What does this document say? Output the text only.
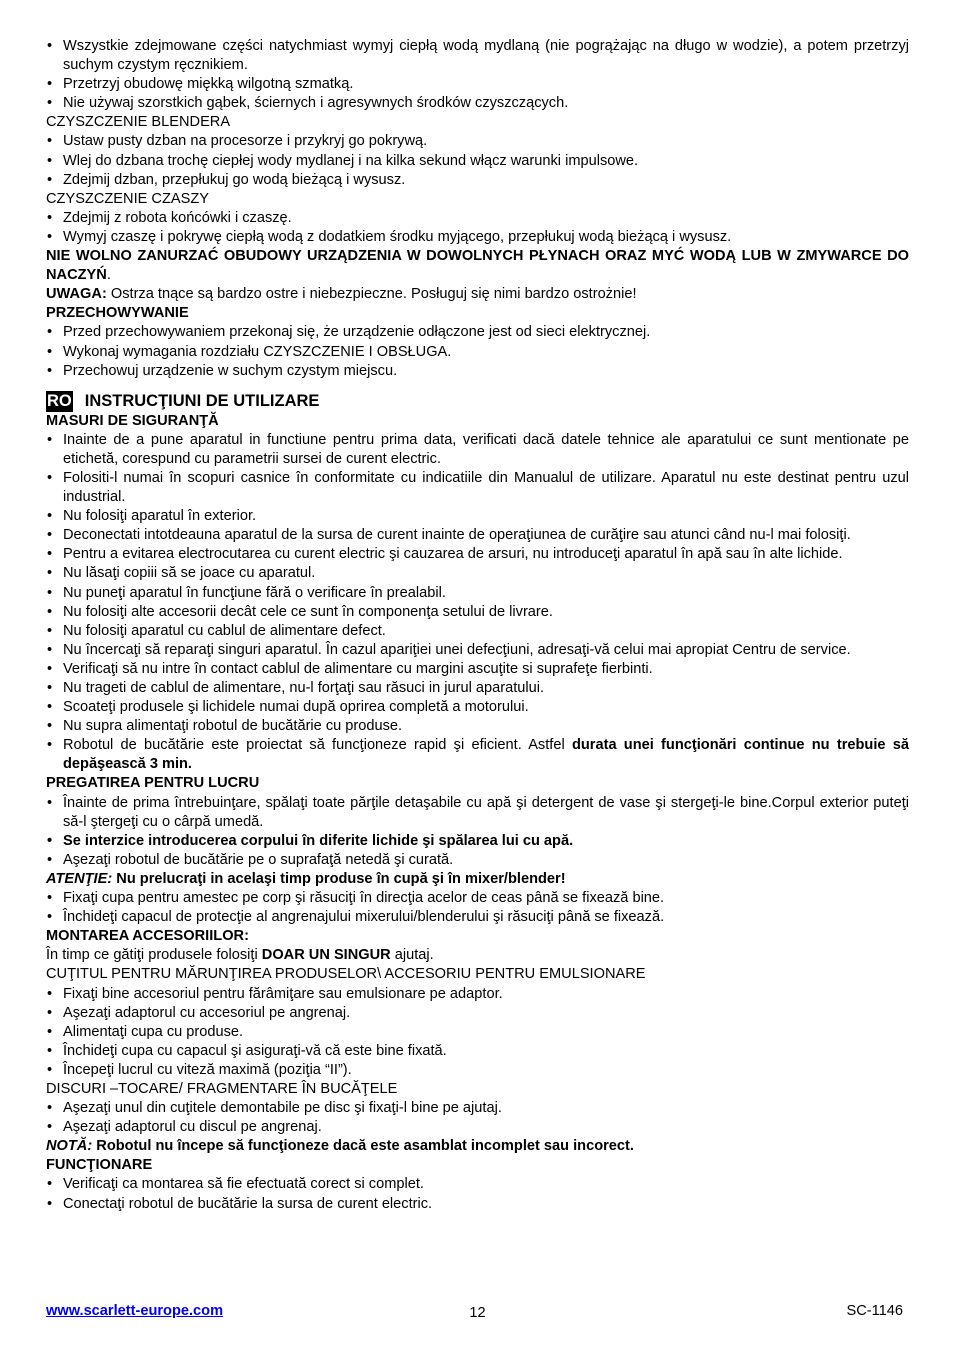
• Wszystkie zdejmowane części natychmiast wymyj ciepłą wodą mydlaną (nie pogrążając na długo w wodzie), a potem przetrzyj suchym czystym ręcznikiem.
• Przetrzyj obudowę miękką wilgotną szmatką.
• Nie używaj szorstkich gąbek, ściernych i agresywnych środków czyszczących.
CZYSZCZENIE BLENDERA
• Ustaw pusty dzban na procesorze i przykryj go pokrywą.
• Wlej do dzbana trochę ciepłej wody mydlanej i na kilka sekund włącz warunki impulsowe.
• Zdejmij dzban, przepłukuj go wodą bieżącą i wysusz.
CZYSZCZENIE CZASZY
• Zdejmij z robota końcówki i czaszę.
• Wymyj czaszę i pokrywę ciepłą wodą z dodatkiem środku myjącego, przepłukuj wodą bieżącą i wysusz.
NIE WOLNO ZANURZAĆ OBUDOWY URZĄDZENIA W DOWOLNYCH PŁYNACH ORAZ MYĆ WODĄ LUB W ZMYWARCE DO NACZYŃ.
UWAGA: Ostrza tnące są bardzo ostre i niebezpieczne. Posługuj się nimi bardzo ostrożnie!
PRZECHOWYWANIE
• Przed przechowywaniem przekonaj się, że urządzenie odłączone jest od sieci elektrycznej.
• Wykonaj wymagania rozdziału CZYSZCZENIE I OBSŁUGA.
• Przechowuj urządzenie w suchym czystym miejscu.
RO INSTRUCŢIUNI DE UTILIZARE
MASURI DE SIGURANŢĂ
• Inainte de a pune aparatul in functiune pentru prima data, verificati dacă datele tehnice ale aparatului ce sunt mentionate pe etichetă, corespund cu parametrii sursei de curent electric.
• Folositi-l numai în scopuri casnice în conformitate cu indicatiile din Manualul de utilizare. Aparatul nu este destinat pentru uzul industrial.
• Nu folosiţi aparatul în exterior.
• Deconectati intotdeauna aparatul de la sursa de curent inainte de operaţiunea de curăţire sau atunci când nu-l mai folosiţi.
• Pentru a evitarea electrocutarea cu curent electric şi cauzarea de arsuri, nu introduceţi aparatul în apă sau în alte lichide.
• Nu lăsaţi copiii să se joace cu aparatul.
• Nu puneţi aparatul în funcţiune fără o verificare în prealabil.
• Nu folosiţi alte accesorii decât cele ce sunt în componenţa setului de livrare.
• Nu folosiţi aparatul cu cablul de alimentare defect.
• Nu încercaţi să reparaţi singuri aparatul. În cazul apariţiei unei defecţiuni, adresaţi-vă celui mai apropiat Centru de service.
• Verificaţi să nu intre în contact cablul de alimentare cu margini ascuţite si suprafeţe fierbinti.
• Nu trageti de cablul de alimentare, nu-l forţaţi sau răsuci in jurul aparatului.
• Scoateţi produsele şi lichidele numai după oprirea completă a motorului.
• Nu supra alimentaţi robotul de bucătărie cu produse.
• Robotul de bucătărie este proiectat să funcţioneze rapid şi eficient. Astfel durata unei funcţionări continue nu trebuie să depăşească 3 min.
PREGATIREA PENTRU LUCRU
• Înainte de prima întrebuinţare, spălaţi toate părţile detaşabile cu apă şi detergent de vase şi stergeţi-le bine.Corpul exterior puteţi să-l ştergeţi cu o cârpă umedă.
• Se interzice introducerea corpului în diferite lichide şi spălarea lui cu apă.
• Aşezaţi robotul de bucătărie pe o suprafaţă netedă şi curată.
ATENŢIE: Nu prelucraţi in acelaşi timp produse în cupă şi în mixer/blender!
• Fixaţi cupa pentru amestec pe corp şi răsuciţi în direcţia acelor de ceas până se fixează bine.
• Închideţi capacul de protecţie al angrenajului mixerului/blenderului şi răsuciţi până se fixează.
MONTAREA ACCESORIILOR:
În timp ce gătiţi produsele folosiţi DOAR UN SINGUR ajutaj.
CUŢITUL PENTRU MĂRUNŢIREA PRODUSELOR\ ACCESORIU PENTRU EMULSIONARE
• Fixaţi bine accesoriul pentru fărâmiţare sau emulsionare pe adaptor.
• Aşezaţi adaptorul cu accesoriul pe angrenaj.
• Alimentaţi cupa cu produse.
• Închideţi cupa cu capacul şi asiguraţi-vă că este bine fixată.
• Începeţi lucrul cu viteză maximă (poziţia “II”).
DISCURI –TOCARE/ FRAGMENTARE ÎN BUCĂŢELE
• Aşezaţi unul din cuţitele demontabile pe disc şi fixaţi-l bine pe ajutaj.
• Aşezaţi adaptorul cu discul pe angrenaj.
NOTĂ: Robotul nu începe să funcţioneze dacă este asamblat incomplet sau incorect.
FUNCŢIONARE
• Verificaţi ca montarea să fie efectuată corect si complet.
• Conectaţi robotul de bucătărie la sursa de curent electric.
www.scarlett-europe.com	12	SC-1146
